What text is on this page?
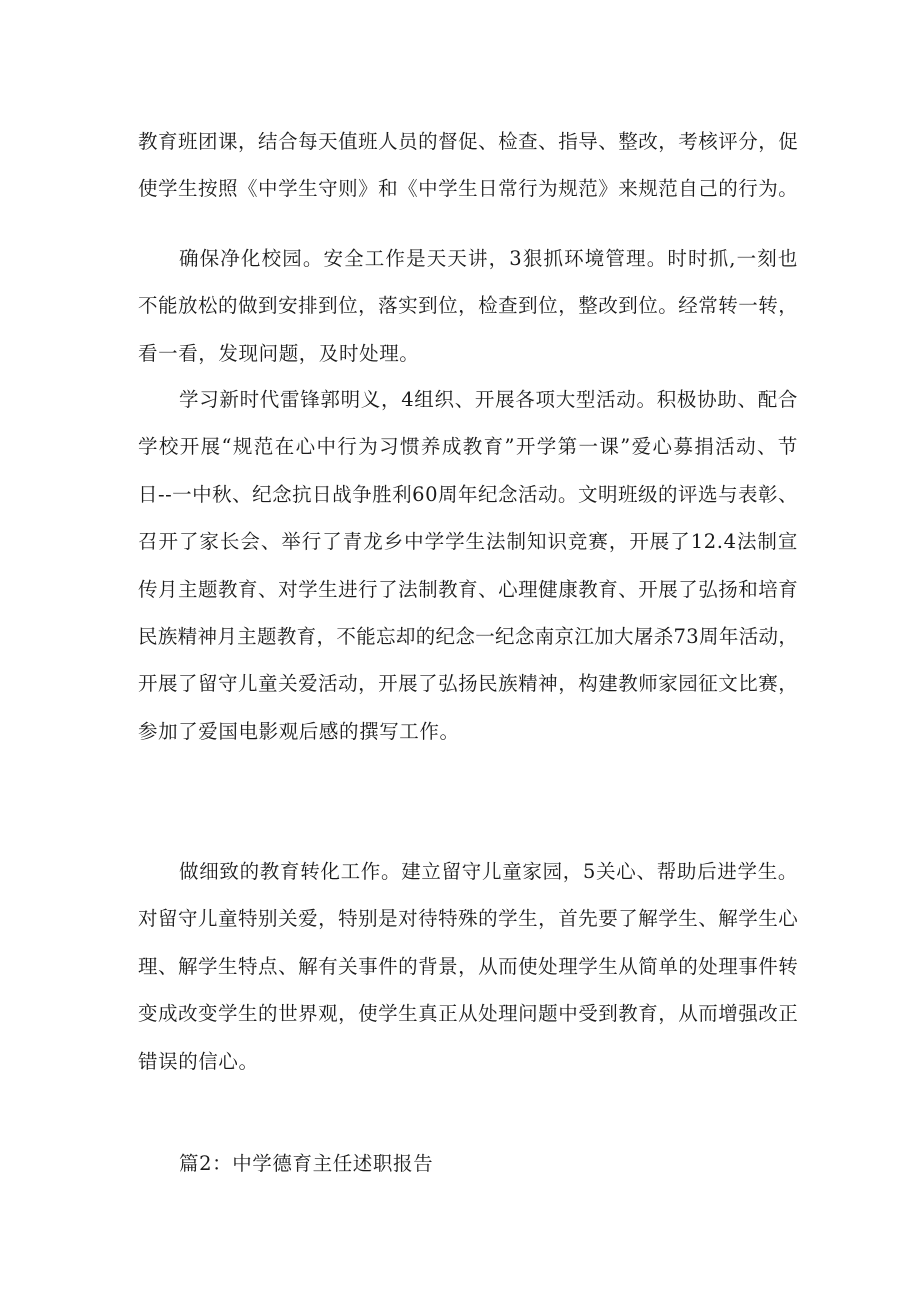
教育班团课，结合每天值班人员的督促、检查、指导、整改，考核评分，促
使学生按照《中学生守则》和《中学生日常行为规范》来规范自己的行为。

确保净化校园。安全工作是天天讲，3狠抓环境管理。时时抓,一刻也
不能放松的做到安排到位，落实到位，检查到位，整改到位。经常转一转，
看一看，发现问题，及时处理。

学习新时代雷锋郭明义，4组织、开展各项大型活动。积极协助、配合
学校开展“规范在心中行为习惯养成教育”开学第一课”爱心募捐活动、节
日--一中秋、纪念抗日战争胜利60周年纪念活动。文明班级的评选与表彰、
召开了家长会、举行了青龙乡中学学生法制知识竞赛，开展了12.4法制宣
传月主题教育、对学生进行了法制教育、心理健康教育、开展了弘扬和培育
民族精神月主题教育，不能忘却的纪念一纪念南京江加大屠杀73周年活动，
开展了留守儿童关爱活动，开展了弘扬民族精神，构建教师家园征文比赛，
参加了爱国电影观后感的撰写工作。

做细致的教育转化工作。建立留守儿童家园，5关心、帮助后进学生。
对留守儿童特别关爱，特别是对待特殊的学生，首先要了解学生、解学生心
理、解学生特点、解有关事件的背景，从而使处理学生从简单的处理事件转
变成改变学生的世界观，使学生真正从处理问题中受到教育，从而增强改正
错误的信心。

篇2：中学德育主任述职报告
